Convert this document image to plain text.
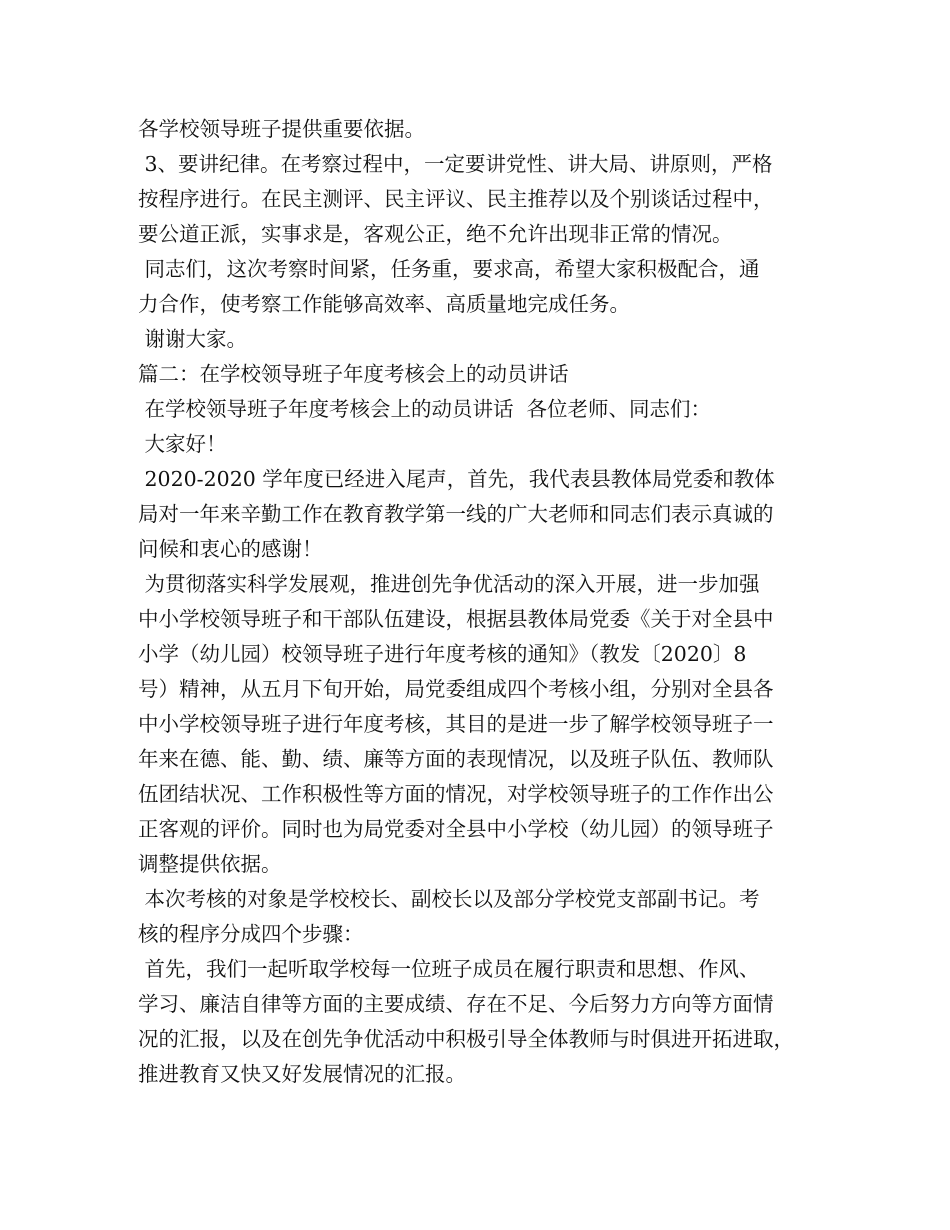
各学校领导班子提供重要依据。
3、要讲纪律。在考察过程中，一定要讲党性、讲大局、讲原则，严格
按程序进行。在民主测评、民主评议、民主推荐以及个别谈话过程中，
要公道正派，实事求是，客观公正，绝不允许出现非正常的情况。
同志们，这次考察时间紧，任务重，要求高，希望大家积极配合，通
力合作，使考察工作能够高效率、高质量地完成任务。
谢谢大家。
篇二：在学校领导班子年度考核会上的动员讲话
在学校领导班子年度考核会上的动员讲话  各位老师、同志们：
大家好！
2020-2020 学年度已经进入尾声，首先，我代表县教体局党委和教体
局对一年来辛勤工作在教育教学第一线的广大老师和同志们表示真诚的
问候和衷心的感谢！
为贯彻落实科学发展观，推进创先争优活动的深入开展，进一步加强
中小学校领导班子和干部队伍建设，根据县教体局党委《关于对全县中
小学（幼儿园）校领导班子进行年度考核的通知》（教发〔2020〕8
号）精神，从五月下旬开始，局党委组成四个考核小组，分别对全县各
中小学校领导班子进行年度考核，其目的是进一步了解学校领导班子一
年来在德、能、勤、绩、廉等方面的表现情况，以及班子队伍、教师队
伍团结状况、工作积极性等方面的情况，对学校领导班子的工作作出公
正客观的评价。同时也为局党委对全县中小学校（幼儿园）的领导班子
调整提供依据。
本次考核的对象是学校校长、副校长以及部分学校党支部副书记。考
核的程序分成四个步骤：
首先，我们一起听取学校每一位班子成员在履行职责和思想、作风、
学习、廉洁自律等方面的主要成绩、存在不足、今后努力方向等方面情
况的汇报，以及在创先争优活动中积极引导全体教师与时俱进开拓进取，
推进教育又快又好发展情况的汇报。
